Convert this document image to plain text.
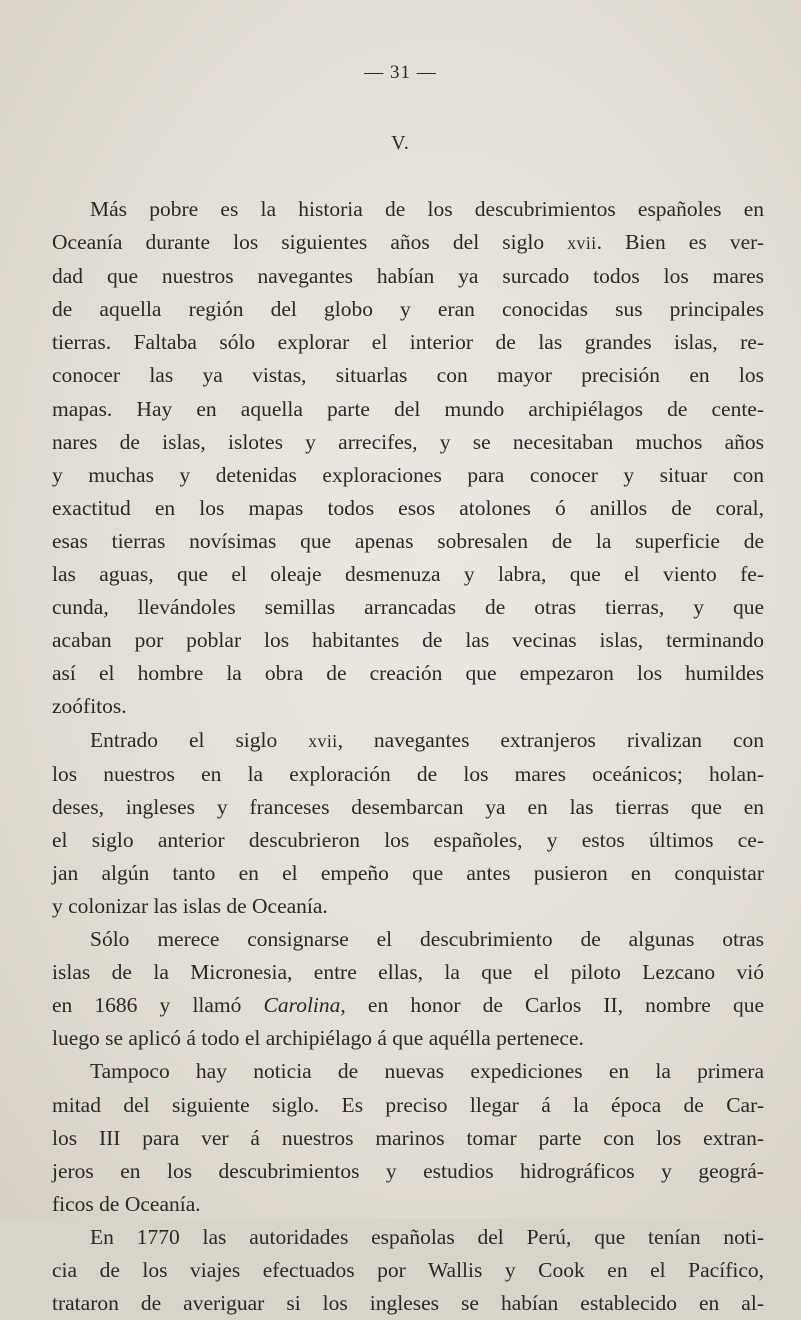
— 31 —
V.
Más pobre es la historia de los descubrimientos españoles en
Oceanía durante los siguientes años del siglo xvii. Bien es ver-
dad que nuestros navegantes habían ya surcado todos los mares
de aquella región del globo y eran conocidas sus principales
tierras. Faltaba sólo explorar el interior de las grandes islas, re-
conocer las ya vistas, situarlas con mayor precisión en los
mapas. Hay en aquella parte del mundo archipiélagos de cente-
nares de islas, islotes y arrecifes, y se necesitaban muchos años
y muchas y detenidas exploraciones para conocer y situar con
exactitud en los mapas todos esos atolones ó anillos de coral,
esas tierras novísimas que apenas sobresalen de la superficie de
las aguas, que el oleaje desmenuza y labra, que el viento fe-
cunda, llevándoles semillas arrancadas de otras tierras, y que
acaban por poblar los habitantes de las vecinas islas, terminando
así el hombre la obra de creación que empezaron los humildes
zoófitos.
Entrado el siglo xvii, navegantes extranjeros rivalizan con
los nuestros en la exploración de los mares oceánicos; holan-
deses, ingleses y franceses desembarcan ya en las tierras que en
el siglo anterior descubrieron los españoles, y estos últimos ce-
jan algún tanto en el empeño que antes pusieron en conquistar
y colonizar las islas de Oceanía.
Sólo merece consignarse el descubrimiento de algunas otras
islas de la Micronesia, entre ellas, la que el piloto Lezcano vió
en 1686 y llamó Carolina, en honor de Carlos II, nombre que
luego se aplicó á todo el archipiélago á que aquélla pertenece.
Tampoco hay noticia de nuevas expediciones en la primera
mitad del siguiente siglo. Es preciso llegar á la época de Car-
los III para ver á nuestros marinos tomar parte con los extran-
jeros en los descubrimientos y estudios hidrográficos y geográ-
ficos de Oceanía.
En 1770 las autoridades españolas del Perú, que tenían noti-
cia de los viajes efectuados por Wallis y Cook en el Pacífico,
trataron de averiguar si los ingleses se habían establecido en al-
